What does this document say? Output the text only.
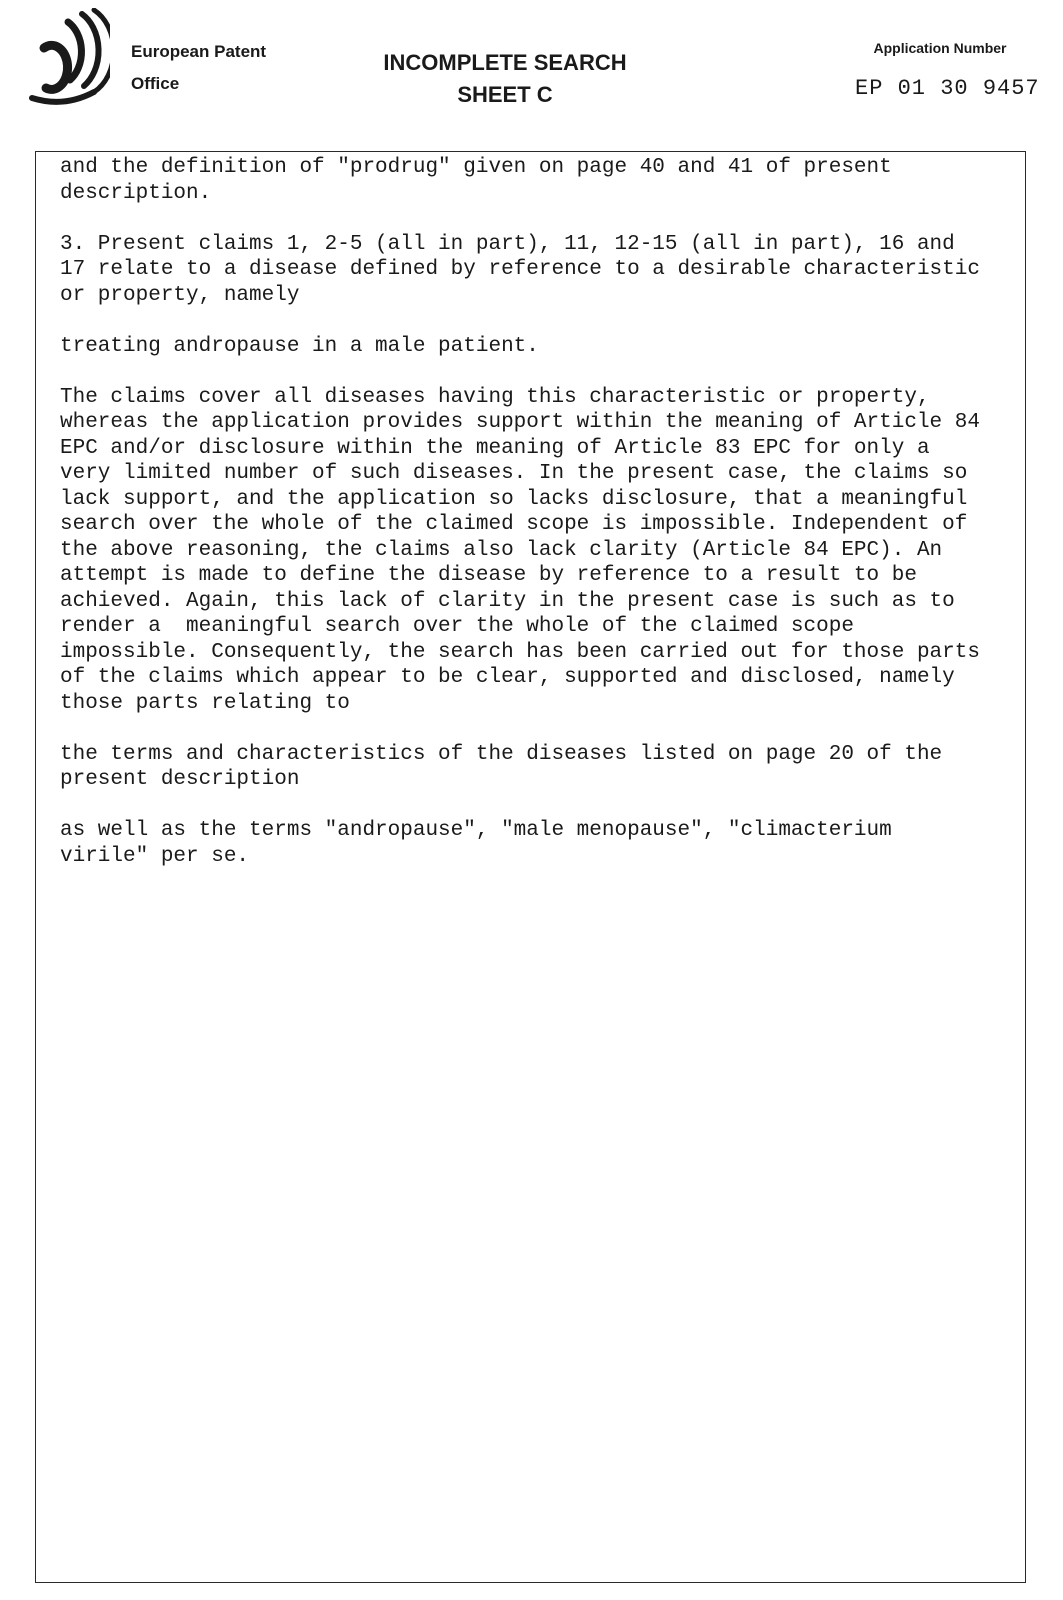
European Patent
Office
INCOMPLETE SEARCH
SHEET C
Application Number
EP 01 30 9457

and the definition of "prodrug" given on page 40 and 41 of present
description.

3. Present claims 1, 2-5 (all in part), 11, 12-15 (all in part), 16 and
17 relate to a disease defined by reference to a desirable characteristic
or property, namely

treating andropause in a male patient.

The claims cover all diseases having this characteristic or property,
whereas the application provides support within the meaning of Article 84
EPC and/or disclosure within the meaning of Article 83 EPC for only a
very limited number of such diseases. In the present case, the claims so
lack support, and the application so lacks disclosure, that a meaningful
search over the whole of the claimed scope is impossible. Independent of
the above reasoning, the claims also lack clarity (Article 84 EPC). An
attempt is made to define the disease by reference to a result to be
achieved. Again, this lack of clarity in the present case is such as to
render a  meaningful search over the whole of the claimed scope
impossible. Consequently, the search has been carried out for those parts
of the claims which appear to be clear, supported and disclosed, namely
those parts relating to

the terms and characteristics of the diseases listed on page 20 of the
present description

as well as the terms "andropause", "male menopause", "climacterium
virile" per se.
